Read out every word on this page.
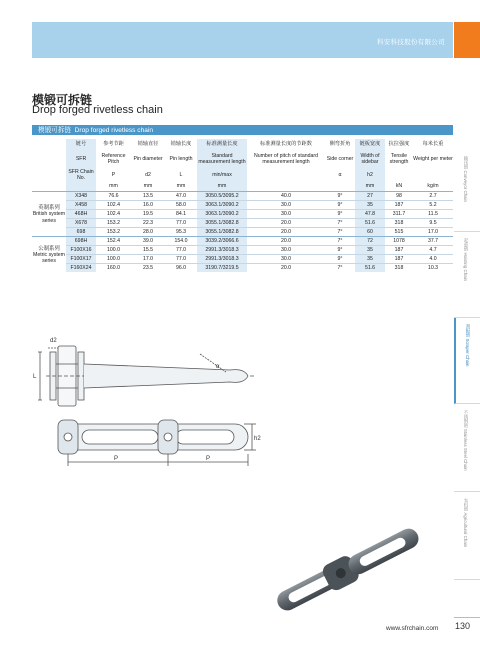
科安科技股份有限公司
模锻可拆链
Drop forged rivetless chain
模锻可拆链 Drop forged rivetless chain
	链号	参考节距	销轴直径	销轴长度	标准测量长度	标准测量长度的节距数	侧弯折角	链板宽度	抗拉强度	每米长重
	SFR	Reference Pitch	Pin diameter	Pin length	Standard measurement length	Number of pitch of standard measurement length	Side corner	Width of sidebar	Tensile strength	Weight per meter
	SFR Chain No.	P	d2	L	min/max		α	h2		
		mm	mm	mm	mm			mm	kN	kg/m

英制系列
British system series	X348	76.6	13.5	47.0	3050.5/3095.2	40.0	9°	27	98	2.7
	X458	102.4	16.0	58.0	3063.1/3090.2	30.0	9°	35	187	5.2
	468H	102.4	19.5	84.1	3063.1/3090.2	30.0	9°	47.8	311.7	11.5
	X678	153.2	22.3	77.0	3055.1/3082.8	20.0	7°	51.6	318	9.5
	698	153.2	28.0	95.3	3055.1/3082.8	20.0	7°	60	515	17.0

公制系列
Metric system series	698H	152.4	39.0	154.0	3039.2/3066.6	20.0	7°	72	1078	37.7
	F100X16	100.0	15.5	77.0	2991.3/3018.3	30.0	9°	35	187	4.7
	F100X17	100.0	17.0	77.0	2991.3/3018.3	30.0	9°	35	187	4.0
	F160X24	160.0	23.5	96.0	3190.7/3219.5	20.0	7°	51.6	318	10.3
d2
L
α
h2
P	P
输送链 Conveyor Chain
起重链 Hoisting Chain
刮板链 Scraper Chain
不锈钢链 Stainless Steel Chain
农机链 Agricultural Chain
www.sfrchain.com 130
